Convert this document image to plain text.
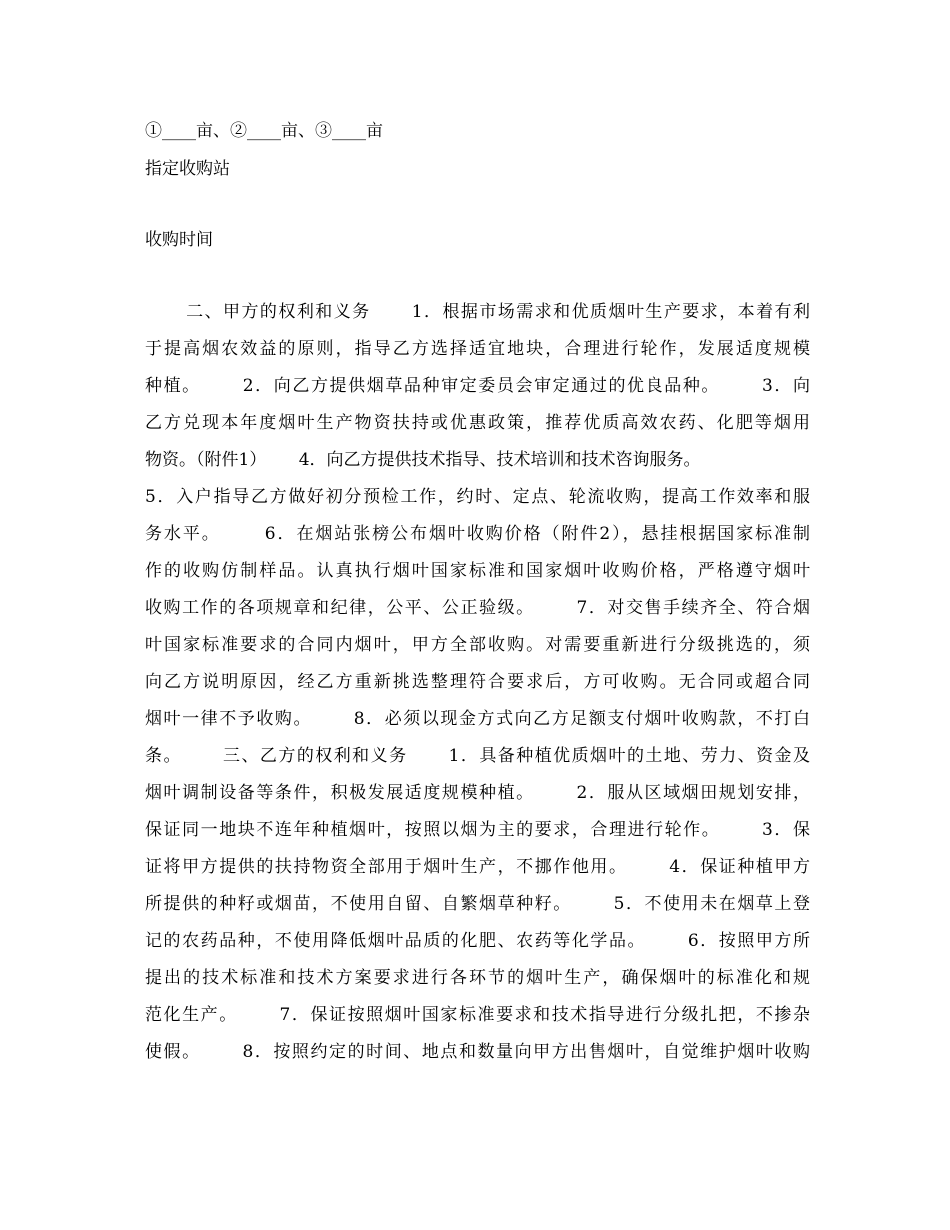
①____亩、②____亩、③____亩
指定收购站
收购时间
二、甲方的权利和义务      1．根据市场需求和优质烟叶生产要求，本着有利
于提高烟农效益的原则，指导乙方选择适宜地块，合理进行轮作，发展适度规模
种植。      2．向乙方提供烟草品种审定委员会审定通过的优良品种。      3．向
乙方兑现本年度烟叶生产物资扶持或优惠政策，推荐优质高效农药、化肥等烟用
物资。（附件1）      4．向乙方提供技术指导、技术培训和技术咨询服务。
5．入户指导乙方做好初分预检工作，约时、定点、轮流收购，提高工作效率和服
务水平。      6．在烟站张榜公布烟叶收购价格（附件2），悬挂根据国家标准制
作的收购仿制样品。认真执行烟叶国家标准和国家烟叶收购价格，严格遵守烟叶
收购工作的各项规章和纪律，公平、公正验级。      7．对交售手续齐全、符合烟
叶国家标准要求的合同内烟叶，甲方全部收购。对需要重新进行分级挑选的，须
向乙方说明原因，经乙方重新挑选整理符合要求后，方可收购。无合同或超合同
烟叶一律不予收购。      8．必须以现金方式向乙方足额支付烟叶收购款，不打白
条。      三、乙方的权利和义务      1．具备种植优质烟叶的土地、劳力、资金及
烟叶调制设备等条件，积极发展适度规模种植。      2．服从区域烟田规划安排，
保证同一地块不连年种植烟叶，按照以烟为主的要求，合理进行轮作。      3．保
证将甲方提供的扶持物资全部用于烟叶生产，不挪作他用。      4．保证种植甲方
所提供的种籽或烟苗，不使用自留、自繁烟草种籽。      5．不使用未在烟草上登
记的农药品种，不使用降低烟叶品质的化肥、农药等化学品。      6．按照甲方所
提出的技术标准和技术方案要求进行各环节的烟叶生产，确保烟叶的标准化和规
范化生产。      7．保证按照烟叶国家标准要求和技术指导进行分级扎把，不掺杂
使假。      8．按照约定的时间、地点和数量向甲方出售烟叶，自觉维护烟叶收购
